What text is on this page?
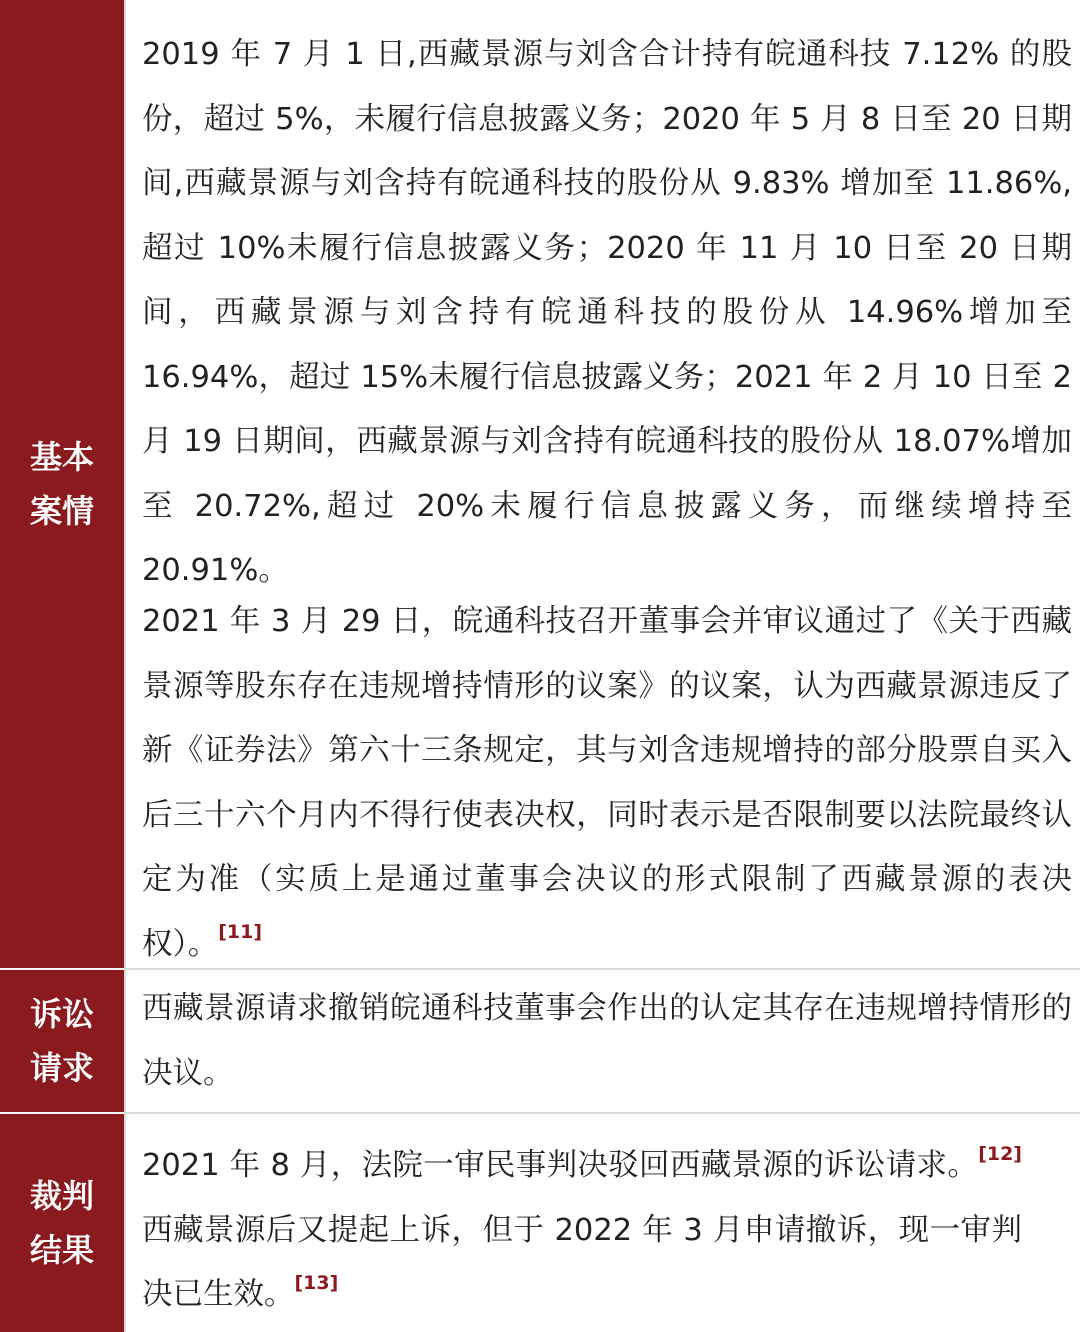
基本案情

2019 年 7 月 1 日,西藏景源与刘含合计持有皖通科技 7.12% 的股份，超过 5%，未履行信息披露义务；2020 年 5 月 8 日至 20 日期间,西藏景源与刘含持有皖通科技的股份从 9.83% 增加至 11.86%, 超过 10%未履行信息披露义务；2020 年 11 月 10 日至 20 日期间，西藏景源与刘含持有皖通科技的股份从 14.96%增加至 16.94%，超过 15%未履行信息披露义务；2021 年 2 月 10 日至 2 月 19 日期间，西藏景源与刘含持有皖通科技的股份从 18.07%增加至 20.72%,超过 20%未履行信息披露义务，而继续增持至 20.91%。

2021 年 3 月 29 日，皖通科技召开董事会并审议通过了《关于西藏景源等股东存在违规增持情形的议案》的议案，认为西藏景源违反了新《证券法》第六十三条规定，其与刘含违规增持的部分股票自买入后三十六个月内不得行使表决权，同时表示是否限制要以法院最终认定为准（实质上是通过董事会决议的形式限制了西藏景源的表决权）。[11]

诉讼请求

西藏景源请求撤销皖通科技董事会作出的认定其存在违规增持情形的决议。

裁判结果

2021 年 8 月，法院一审民事判决驳回西藏景源的诉讼请求。[12]西藏景源后又提起上诉，但于 2022 年 3 月申请撤诉，现一审判决已生效。[13]
